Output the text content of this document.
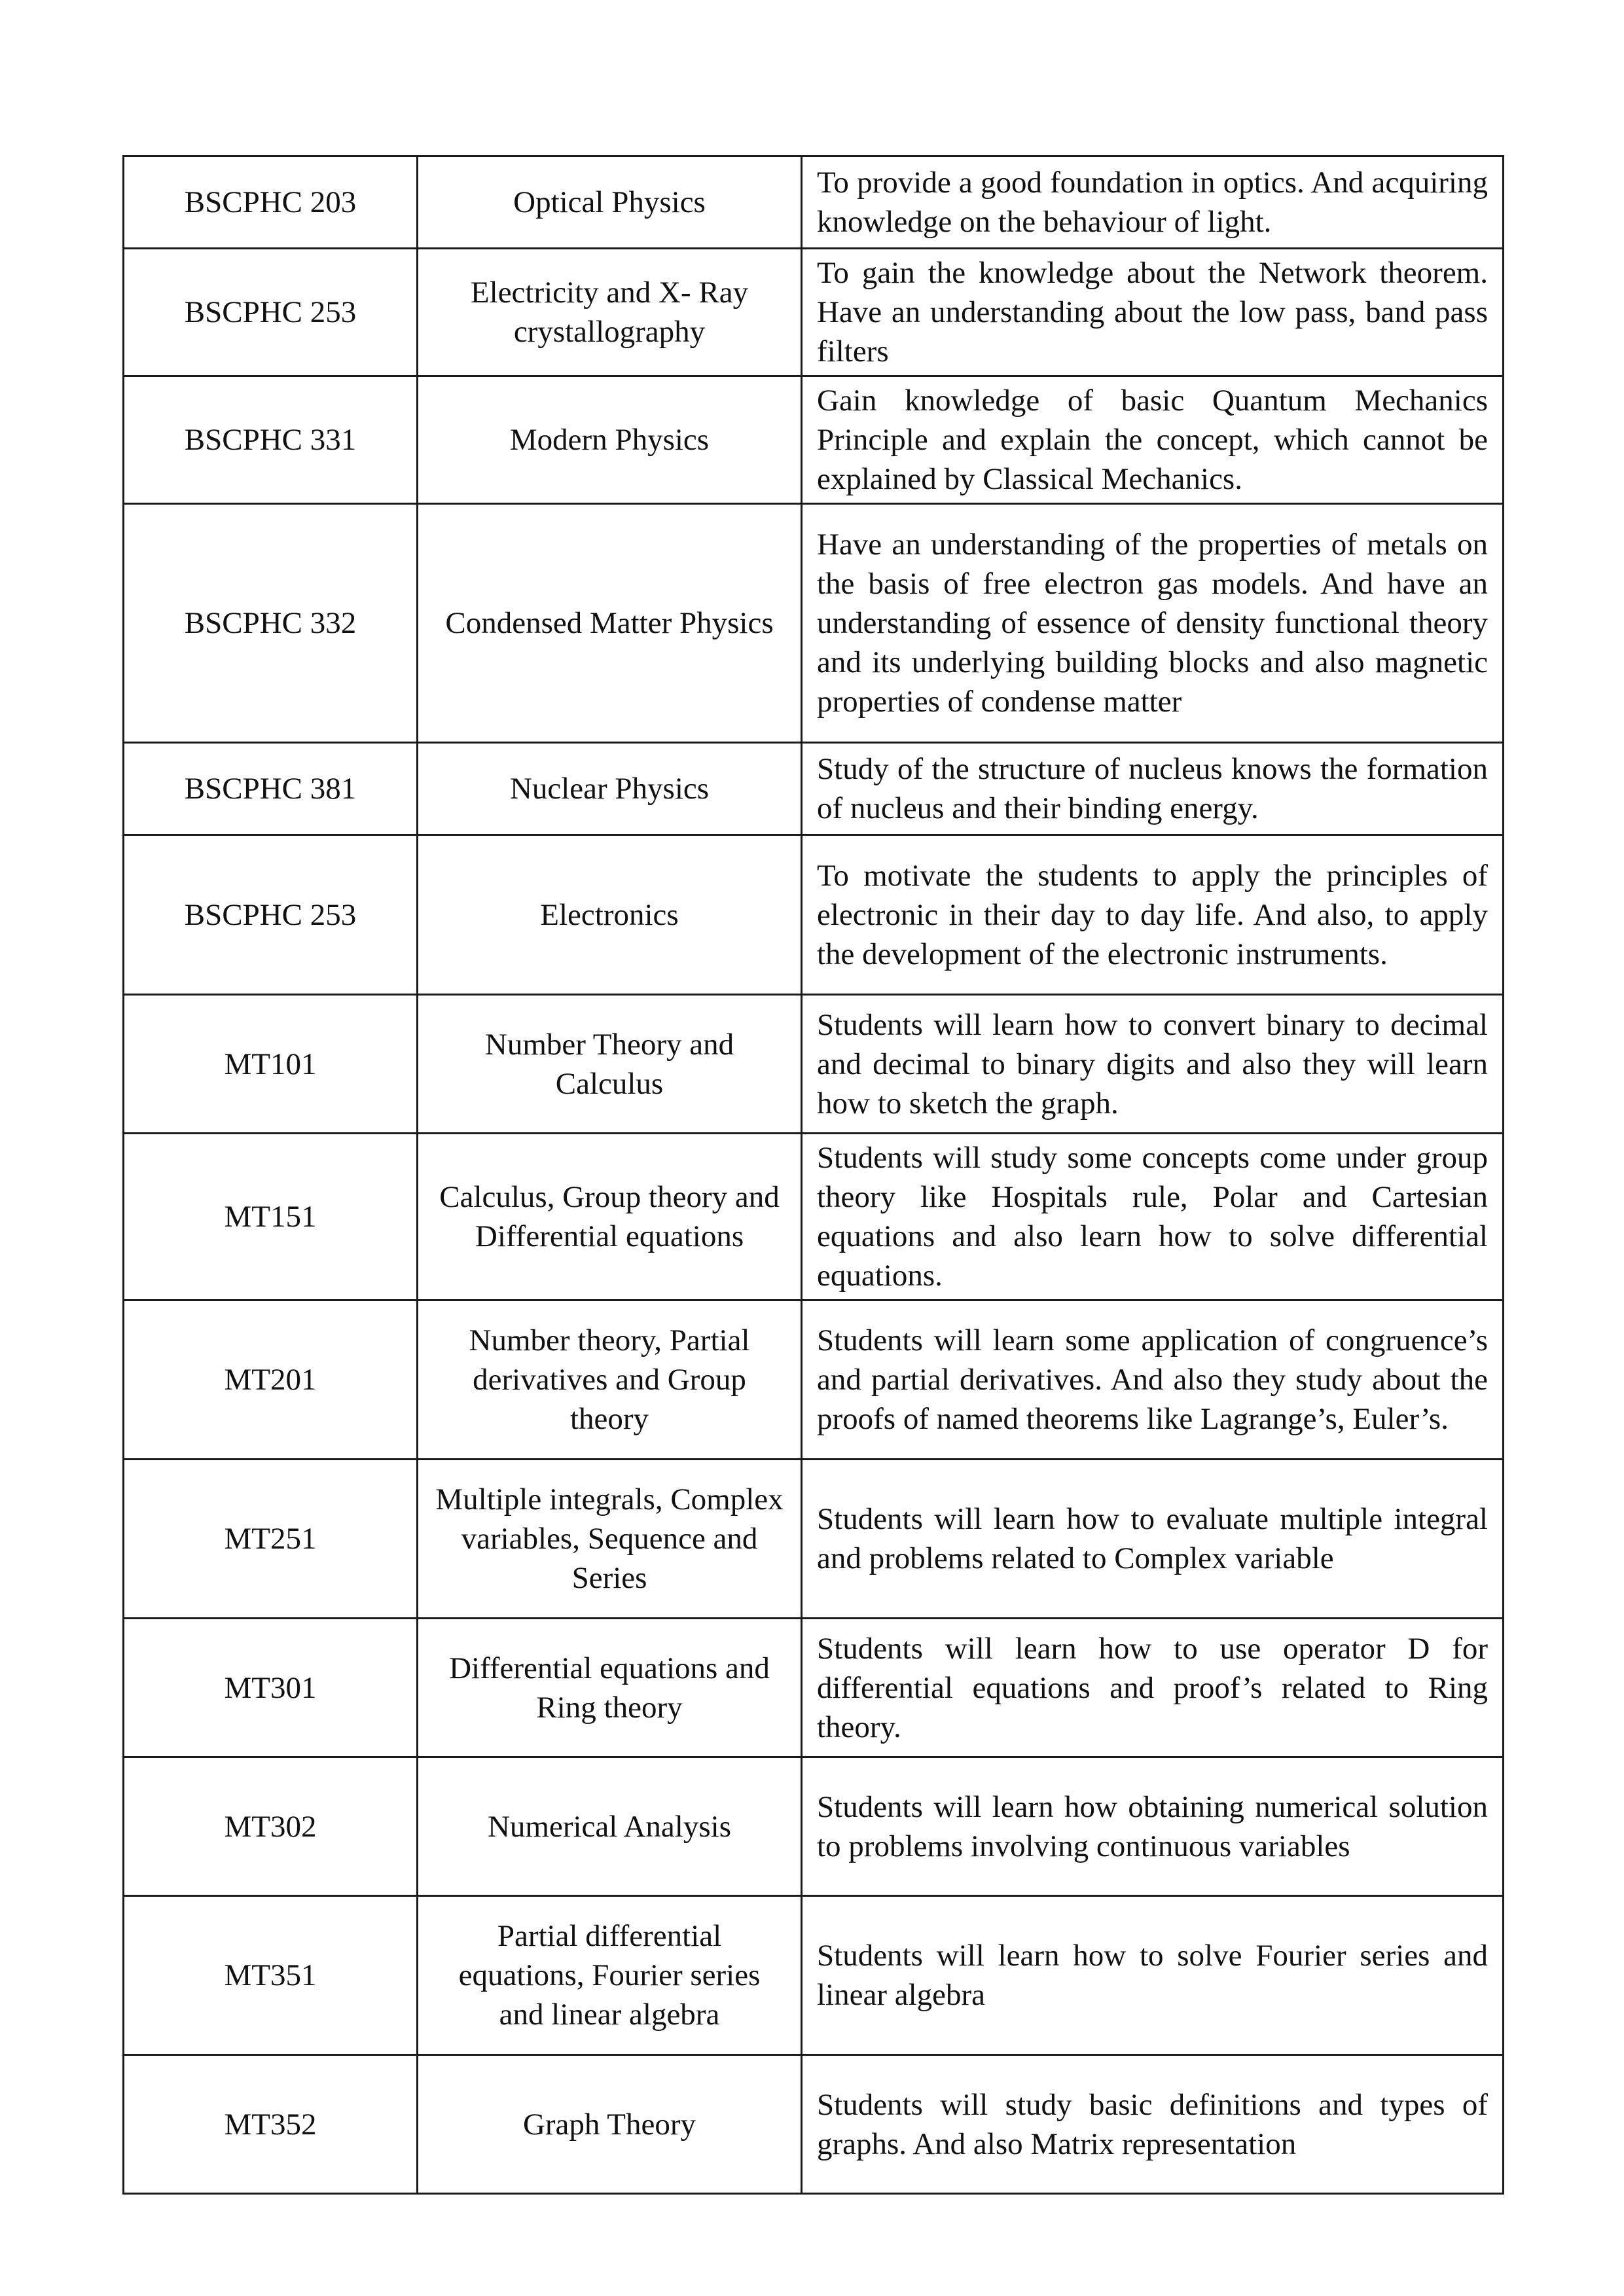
BSCPHC 203	Optical Physics	To provide a good foundation in optics. And acquiring knowledge on the behaviour of light.
BSCPHC 253	Electricity and X- Ray crystallography	To gain the knowledge about the Network theorem. Have an understanding about the low pass, band pass filters
BSCPHC 331	Modern Physics	Gain knowledge of basic Quantum Mechanics Principle and explain the concept, which cannot be explained by Classical Mechanics.
BSCPHC 332	Condensed Matter Physics	Have an understanding of the properties of metals on the basis of free electron gas models. And have an understanding of essence of density functional theory and its underlying building blocks and also magnetic properties of condense matter
BSCPHC 381	Nuclear Physics	Study of the structure of nucleus knows the formation of nucleus and their binding energy.
BSCPHC 253	Electronics	To motivate the students to apply the principles of electronic in their day to day life. And also, to apply the development of the electronic instruments.
MT101	Number Theory and Calculus	Students will learn how to convert binary to decimal and decimal to binary digits and also they will learn how to sketch the graph.
MT151	Calculus, Group theory and Differential equations	Students will study some concepts come under group theory like Hospitals rule, Polar and Cartesian equations and also learn how to solve differential equations.
MT201	Number theory, Partial derivatives and Group theory	Students will learn some application of congruence’s and partial derivatives. And also they study about the proofs of named theorems like Lagrange’s, Euler’s.
MT251	Multiple integrals, Complex variables, Sequence and Series	Students will learn how to evaluate multiple integral and problems related to Complex variable
MT301	Differential equations and Ring theory	Students will learn how to use operator D for differential equations and proof’s related to Ring theory.
MT302	Numerical Analysis	Students will learn how obtaining numerical solution to problems involving continuous variables
MT351	Partial differential equations, Fourier series and linear algebra	Students will learn how to solve Fourier series and linear algebra
MT352	Graph Theory	Students will study basic definitions and types of graphs. And also Matrix representation
